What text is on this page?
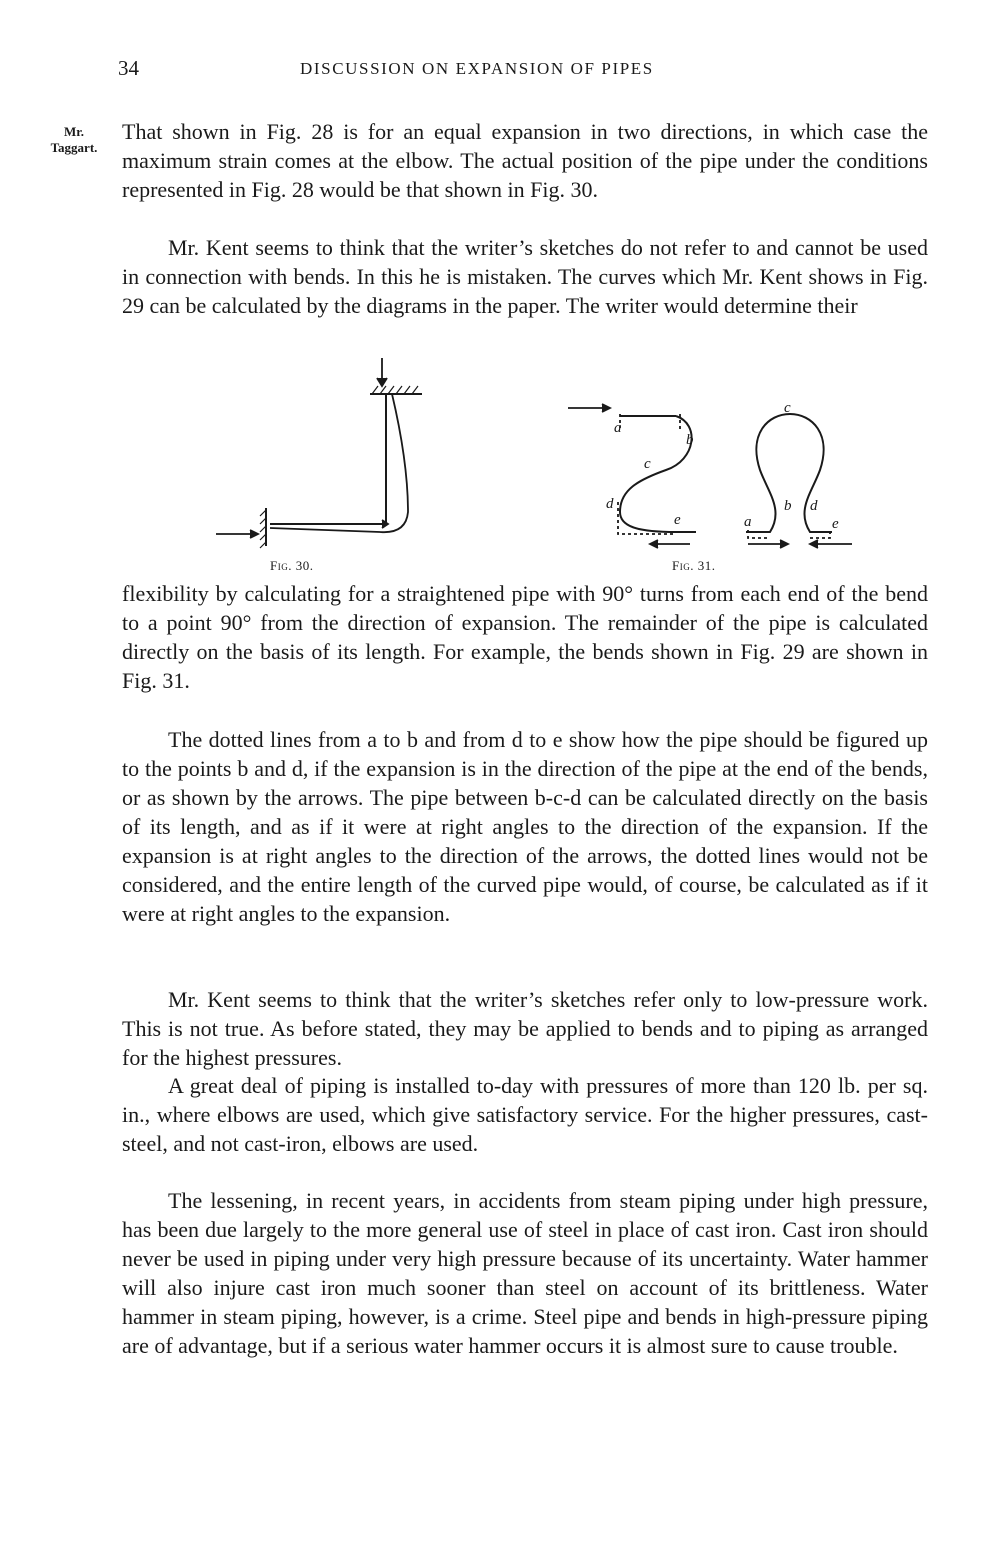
34	DISCUSSION ON EXPANSION OF PIPES
Mr.
Taggart.

That shown in Fig. 28 is for an equal expansion in two directions, in which case the maximum strain comes at the elbow. The actual position of the pipe under the conditions represented in Fig. 28 would be that shown in Fig. 30.

Mr. Kent seems to think that the writer’s sketches do not refer to and cannot be used in connection with bends. In this he is mistaken. The curves which Mr. Kent shows in Fig. 29 can be calculated by the diagrams in the paper. The writer would determine their

a
b
c
d
e
c
a
b d
e
Fig. 30.	Fig. 31.

flexibility by calculating for a straightened pipe with 90° turns from each end of the bend to a point 90° from the direction of expansion. The remainder of the pipe is calculated directly on the basis of its length. For example, the bends shown in Fig. 29 are shown in Fig. 31.

The dotted lines from a to b and from d to e show how the pipe should be figured up to the points b and d, if the expansion is in the direction of the pipe at the end of the bends, or as shown by the arrows. The pipe between b-c-d can be calculated directly on the basis of its length, and as if it were at right angles to the direction of the expansion. If the expansion is at right angles to the direction of the arrows, the dotted lines would not be considered, and the entire length of the curved pipe would, of course, be calculated as if it were at right angles to the expansion.

Mr. Kent seems to think that the writer’s sketches refer only to low-pressure work. This is not true. As before stated, they may be applied to bends and to piping as arranged for the highest pressures.

A great deal of piping is installed to-day with pressures of more than 120 lb. per sq. in., where elbows are used, which give satisfactory service. For the higher pressures, cast-steel, and not cast-iron, elbows are used.

The lessening, in recent years, in accidents from steam piping under high pressure, has been due largely to the more general use of steel in place of cast iron. Cast iron should never be used in piping under very high pressure because of its uncertainty. Water hammer will also injure cast iron much sooner than steel on account of its brittleness. Water hammer in steam piping, however, is a crime. Steel pipe and bends in high-pressure piping are of advantage, but if a serious water hammer occurs it is almost sure to cause trouble.
